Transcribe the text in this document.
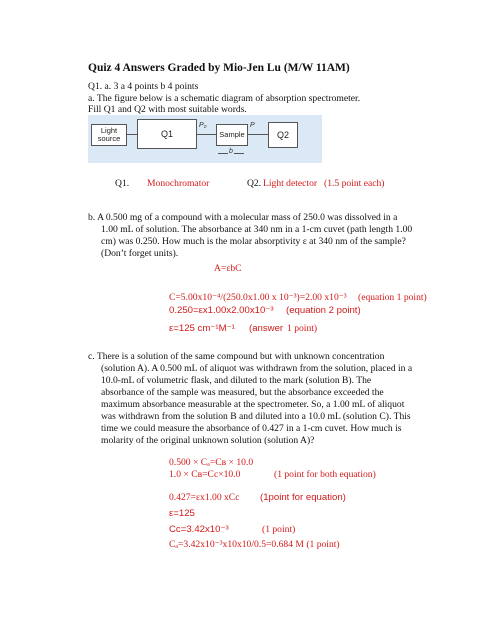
Quiz 4 Answers Graded by Mio-Jen Lu (M/W 11AM)
Q1. a. 3 a 4 points b 4 points
a. The figure below is a schematic diagram of absorption spectrometer.
Fill Q1 and Q2 with most suitable words.
Light source	Q1
P₀
Sample
P
Q2
b
Q1. Monochromator	Q2. Light detector (1.5 point each)
b. A 0.500 mg of a compound with a molecular mass of 250.0 was dissolved in a
1.00 mL of solution. The absorbance at 340 nm in a 1-cm cuvet (path length 1.00
cm) was 0.250. How much is the molar absorptivity ε at 340 nm of the sample?
(Don’t forget units).
A=εbC
C=5.00x10⁻⁴/(250.0x1.00 x 10⁻³)=2.00 x10⁻³ (equation 1 point)
0.250=εx1.00x2.00x10⁻³ (equation 2 point)
ε=125 cm⁻¹M⁻¹ (answer 1 point)
c. There is a solution of the same compound but with unknown concentration
(solution A). A 0.500 mL of aliquot was withdrawn from the solution, placed in a
10.0-mL of volumetric flask, and diluted to the mark (solution B). The
absorbance of the sample was measured, but the absorbance exceeded the
maximum absorbance measurable at the spectrometer. So, a 1.00 mL of aliquot
was withdrawn from the solution B and diluted into a 10.0 mL (solution C). This
time we could measure the absorbance of 0.427 in a 1-cm cuvet. How much is
molarity of the original unknown solution (solution A)?
0.500 × Cₐ=Cʙ × 10.0
1.0 × Cʙ=Cc×10.0	(1 point for both equation)
0.427=εx1.00 xCc (1point for equation)
ε=125
Cc=3.42x10⁻³	(1 point)
Cₐ=3.42x10⁻³x10x10/0.5=0.684 M (1 point)
